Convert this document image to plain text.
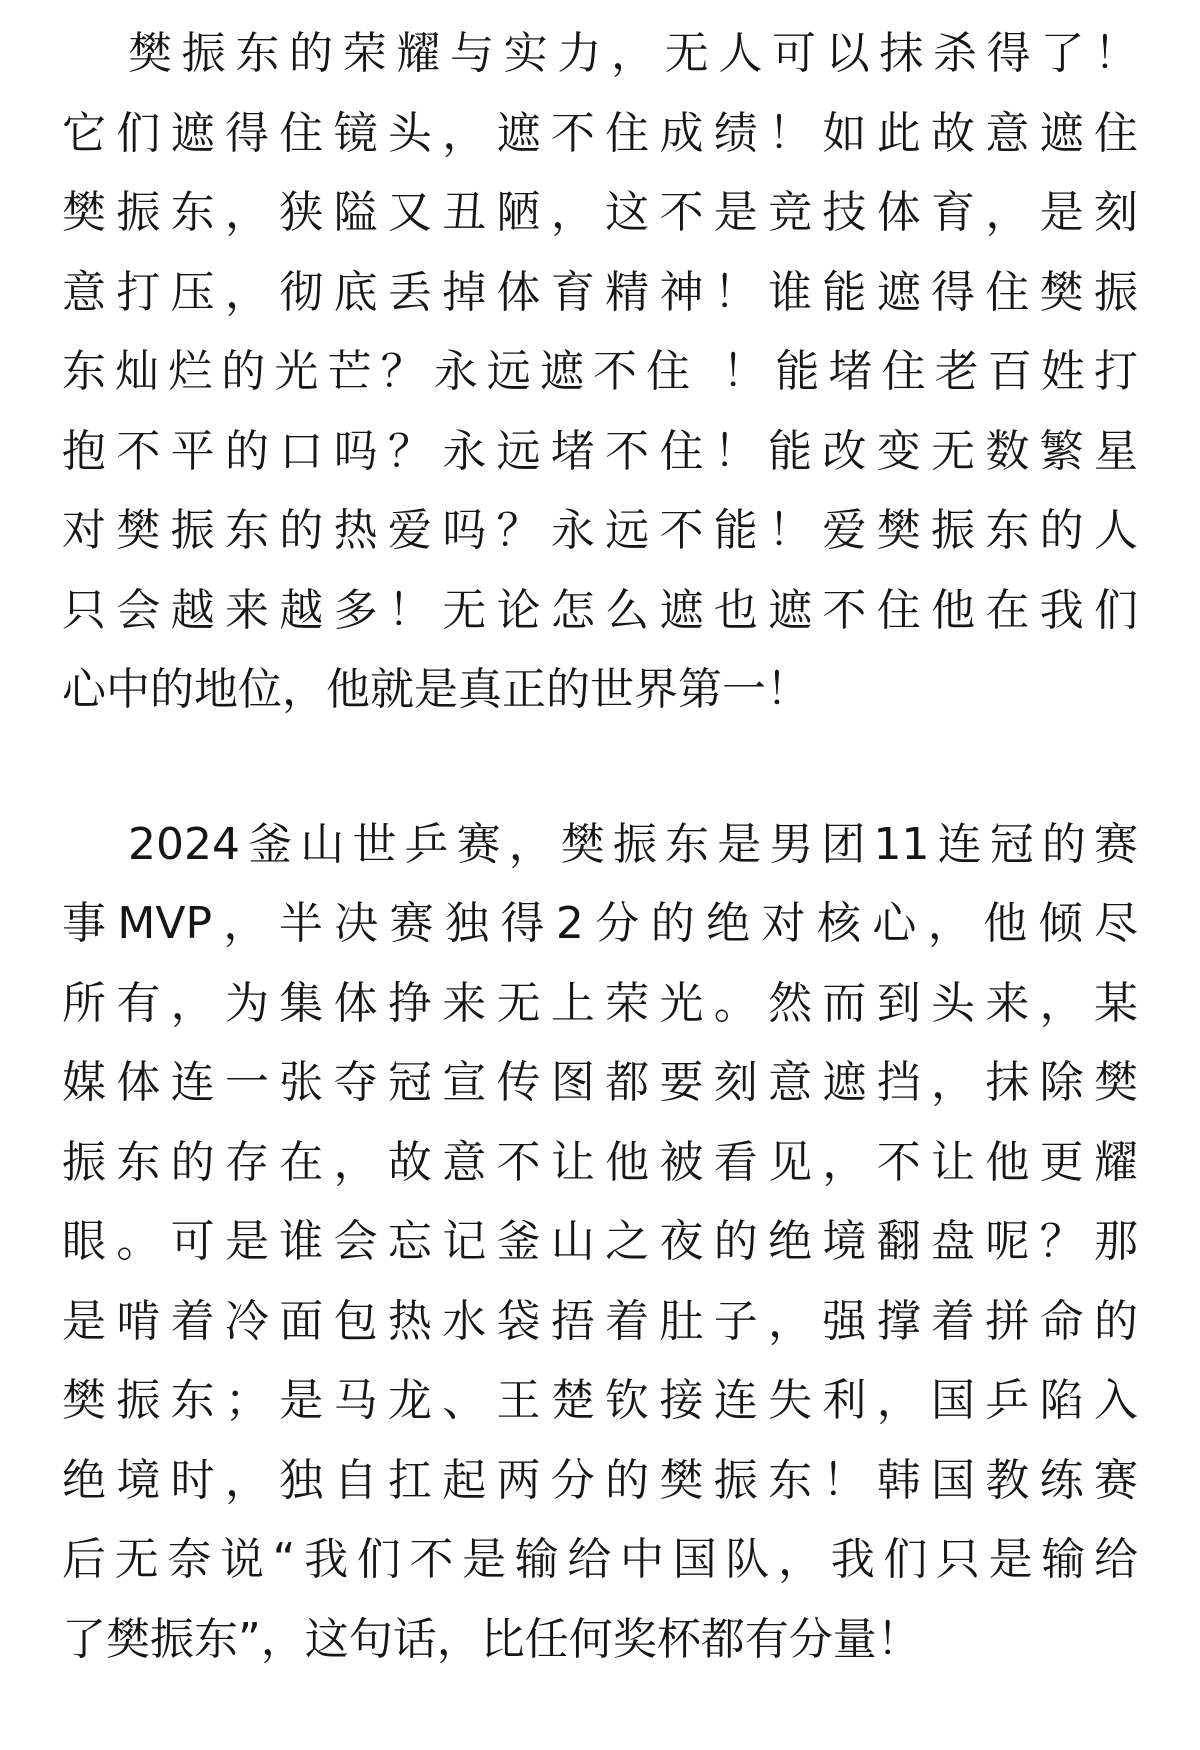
樊振东的荣耀与实力，无人可以抹杀得了！
它们遮得住镜头，遮不住成绩！如此故意遮住
樊振东，狭隘又丑陋，这不是竞技体育，是刻
意打压，彻底丢掉体育精神！谁能遮得住樊振
东灿烂的光芒？永远遮不住 ！能堵住老百姓打
抱不平的口吗？永远堵不住！能改变无数繁星
对樊振东的热爱吗？永远不能！爱樊振东的人
只会越来越多！无论怎么遮也遮不住他在我们
心中的地位，他就是真正的世界第一！
2024釜山世乒赛，樊振东是男团11连冠的赛
事MVP，半决赛独得2分的绝对核心，他倾尽
所有，为集体挣来无上荣光。然而到头来，某
媒体连一张夺冠宣传图都要刻意遮挡，抹除樊
振东的存在，故意不让他被看见，不让他更耀
眼。可是谁会忘记釜山之夜的绝境翻盘呢？那
是啃着冷面包热水袋捂着肚子，强撑着拼命的
樊振东；是马龙、王楚钦接连失利，国乒陷入
绝境时，独自扛起两分的樊振东！韩国教练赛
后无奈说“我们不是输给中国队，我们只是输给
了樊振东”，这句话，比任何奖杯都有分量！
